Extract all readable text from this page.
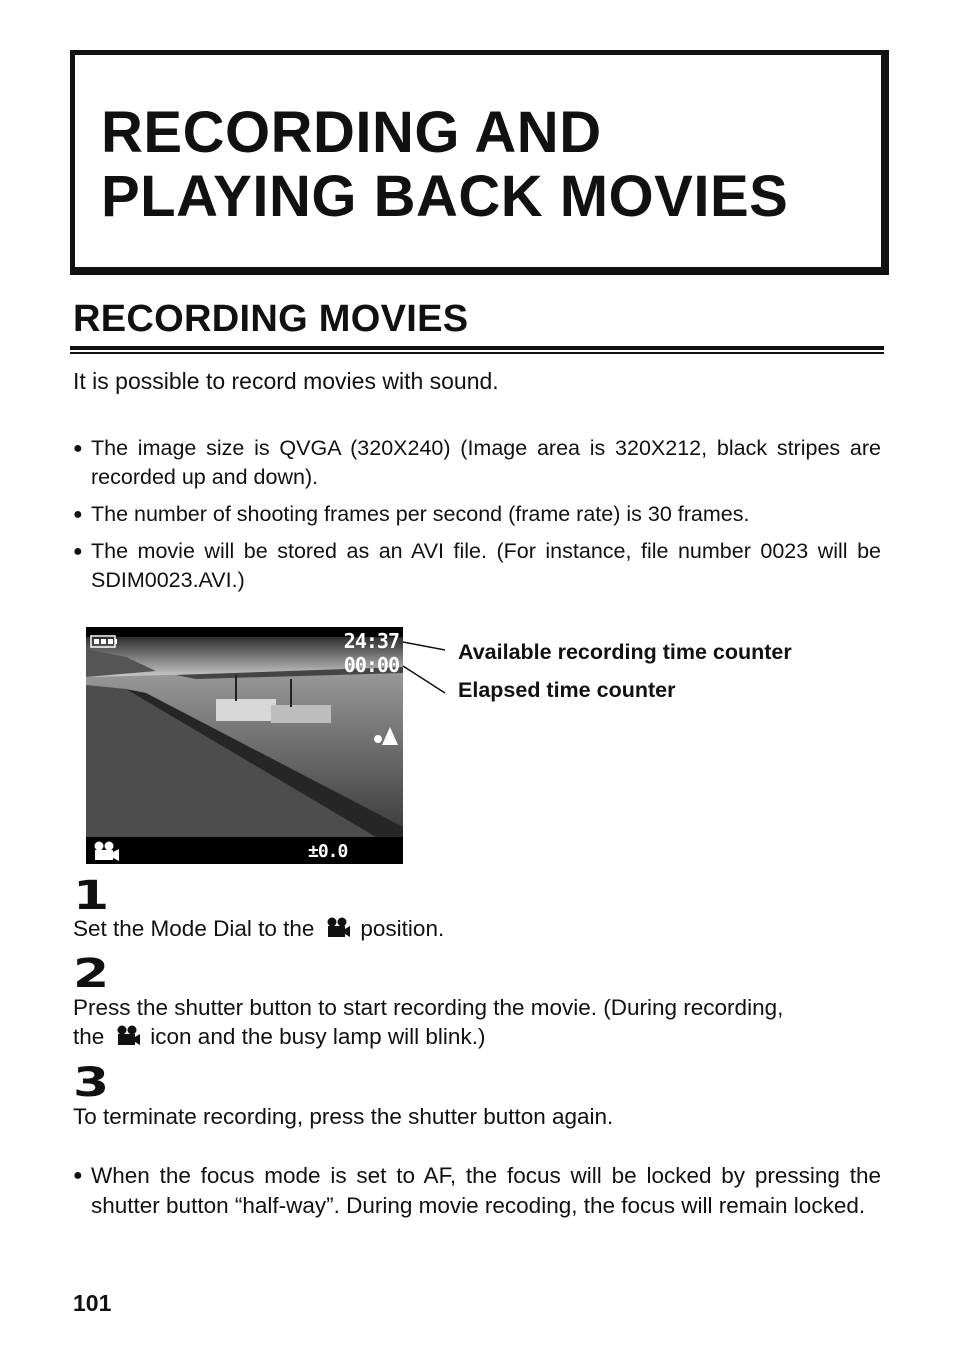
RECORDING AND
PLAYING BACK MOVIES
RECORDING MOVIES

It is possible to record movies with sound.

● The image size is QVGA (320X240) (Image area is 320X212, black stripes are recorded up and down).
● The number of shooting frames per second (frame rate) is 30 frames.
● The movie will be stored as an AVI file. (For instance, file number 0023 will be SDIM0023.AVI.)
24:37
00:00
±0.0
Available recording time counter
Elapsed time counter
1

Set the Mode Dial to the position.

2

Press the shutter button to start recording the movie. (During recording,
the icon and the busy lamp will blink.)

3

To terminate recording, press the shutter button again.

● When the focus mode is set to AF, the focus will be locked by pressing the shutter button “half-way”. During movie recoding, the focus will remain locked.

101
